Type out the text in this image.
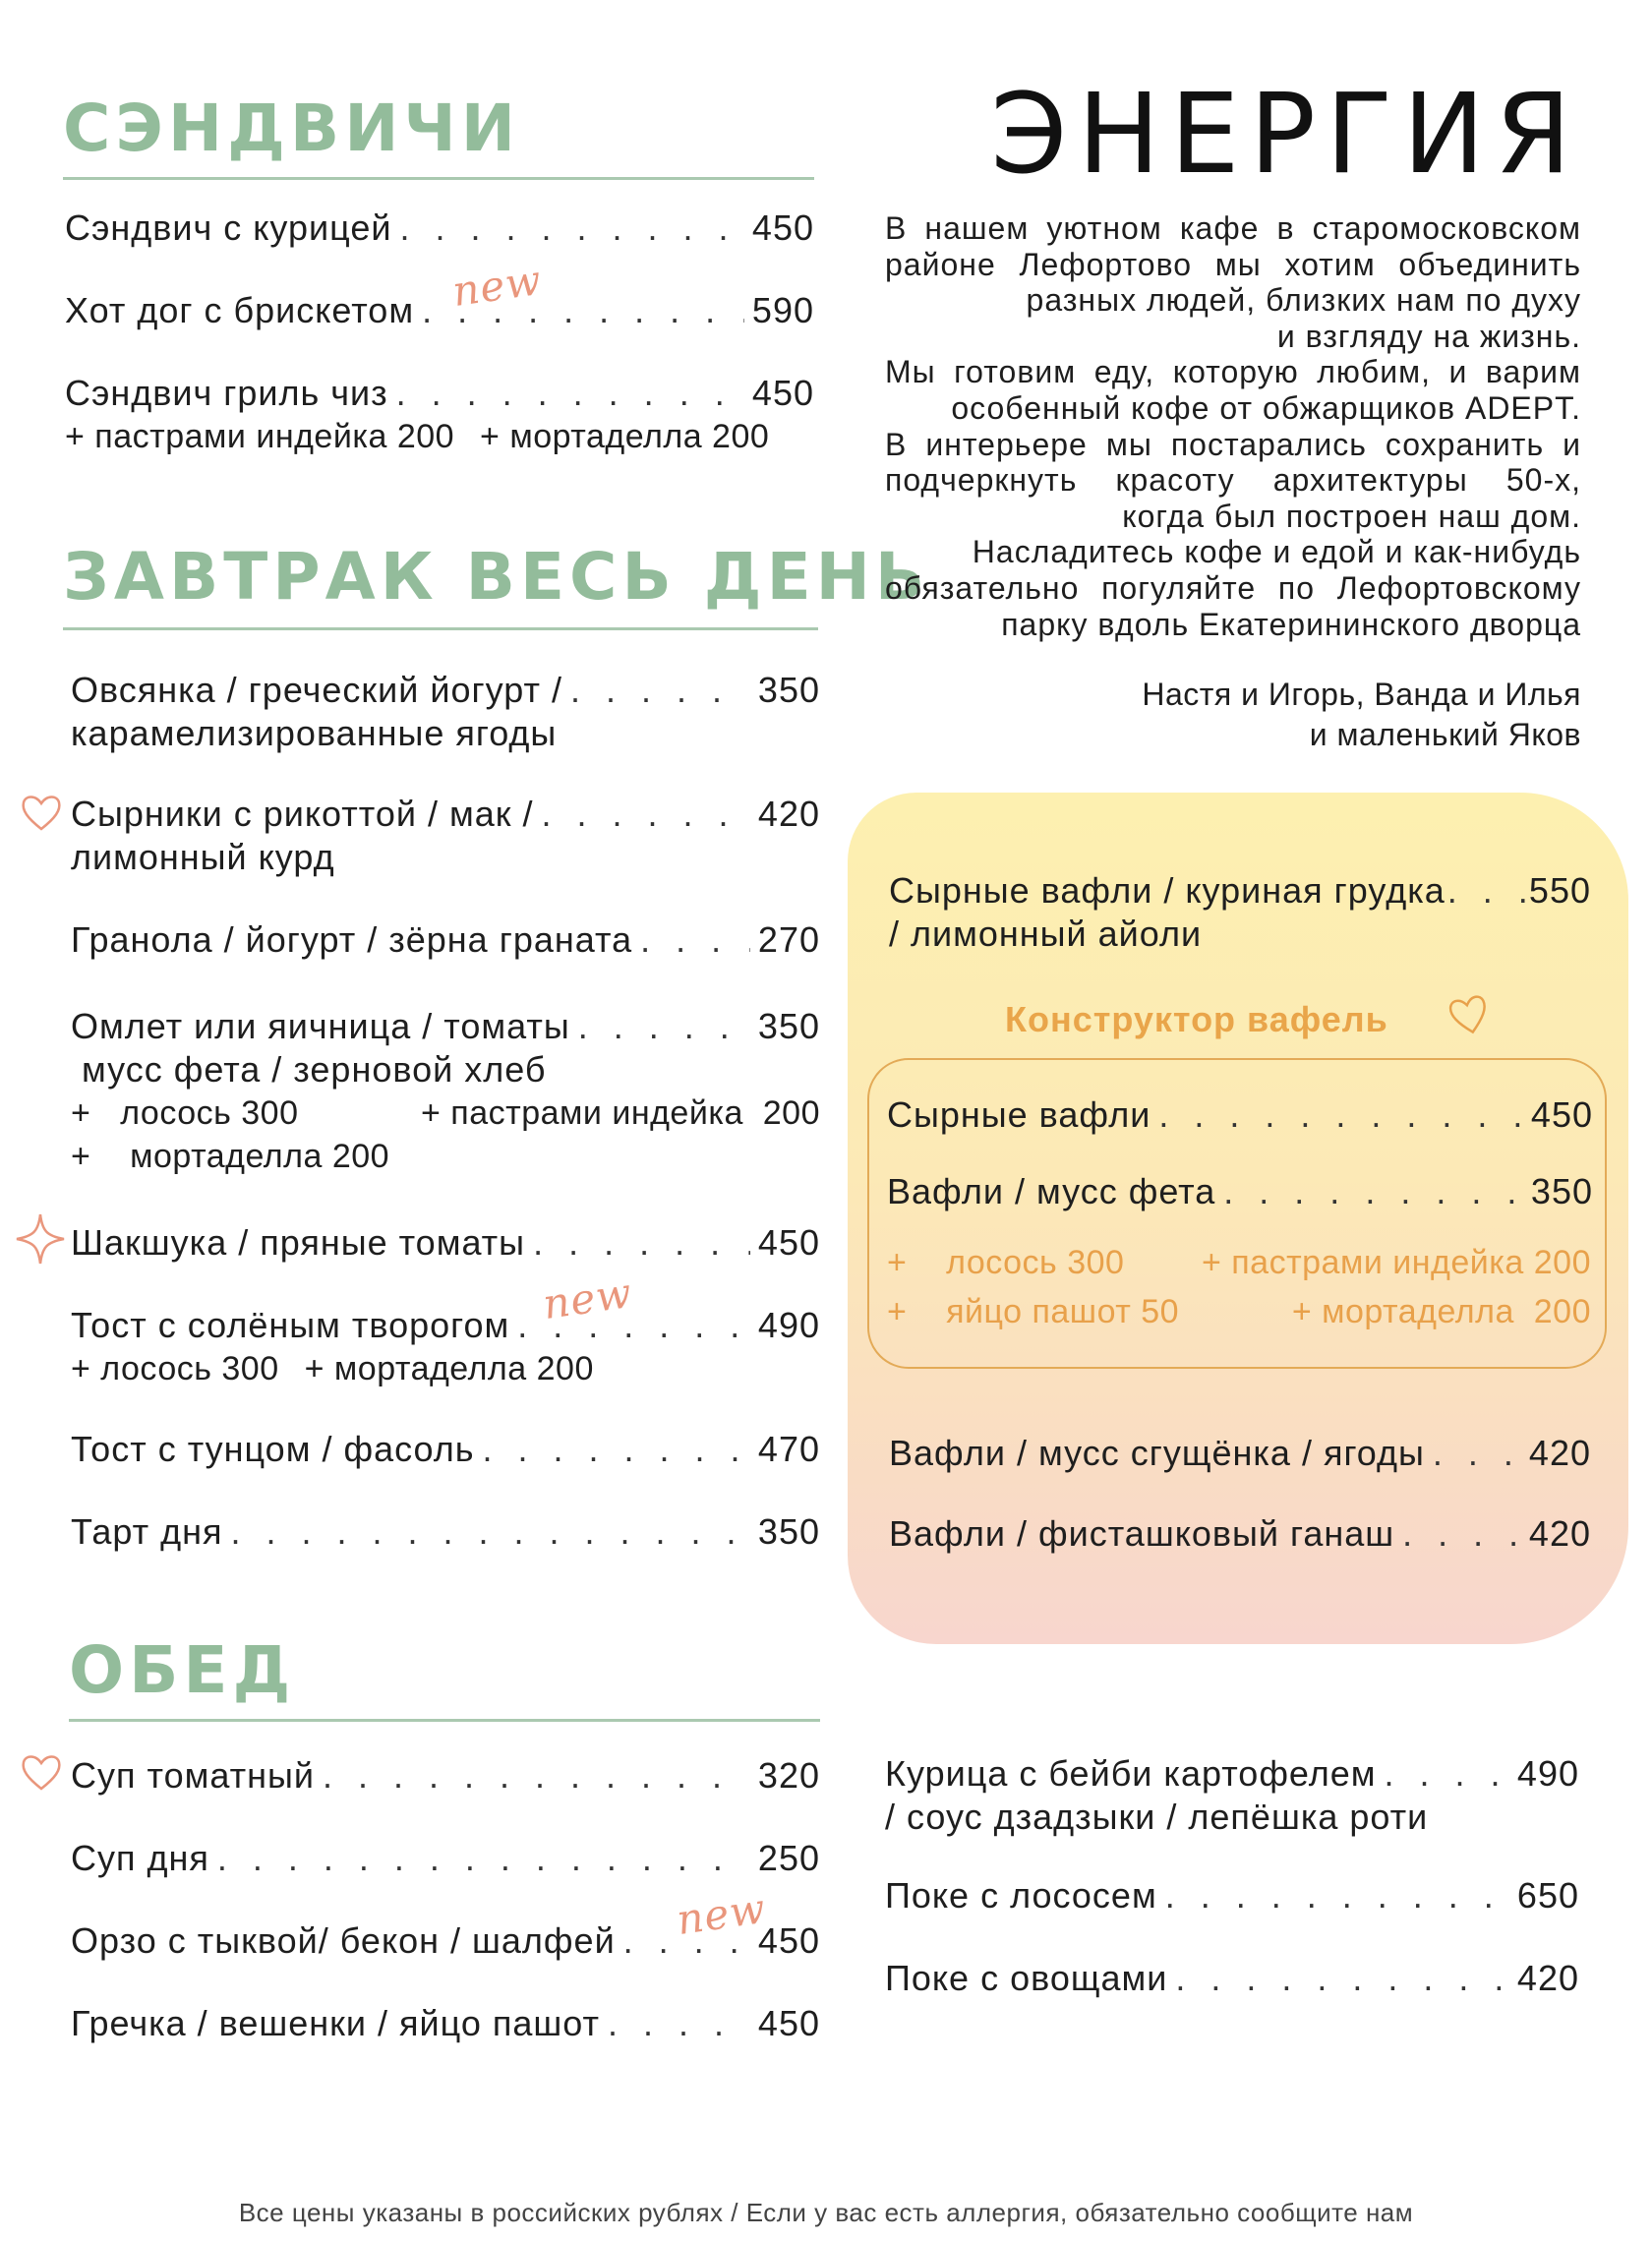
СЭНДВИЧИ
Сэндвич с курицей . . .	450
new
Хот дог с брискетом . . .	590
Сэндвич гриль чиз . . .	450
+ пастрами индейка 200 + мортаделла 200
ЗАВТРАК ВЕСЬ ДЕНЬ
Овсянка / греческий йогурт / . . .	350
карамелизированные ягоды
Сырники с рикоттой / мак / . . .	420
лимонный курд
Гранола / йогурт / зёрна граната . . .	270
Омлет или яичница / томаты . . .	350
мусс фета / зерновой хлеб
+   лосось 300	+ пастрами индейка  200
+    мортаделла 200
Шакшука / пряные томаты . . .	450
new
Тост с солёным творогом . . .	490
+ лосось 300 + мортаделла 200
Тост с тунцом / фасоль . . .	470
Тарт дня . . .	350
ОБЕД
Суп томатный . . .	320
Суп дня . . .	250
new
Орзо с тыквой/ бекон / шалфей . . .	450
Гречка / вешенки / яйцо пашот . . .	450
ЭНЕРГИЯ
В нашем уютном кафе в старомосковском
районе Лефортово мы хотим объединить
разных людей, близких нам по духу
и взгляду на жизнь.
Мы готовим еду, которую любим, и варим
особенный кофе от обжарщиков ADEPT.
В интерьере мы постарались сохранить и
подчеркнуть красоту архитектуры 50-х,
когда был построен наш дом.
Насладитесь кофе и едой и как-нибудь
обязательно погуляйте по Лефортовскому
парку вдоль Екатерининского дворца
Настя и Игорь, Ванда и Илья
и маленький Яков
Сырные вафли / куриная грудка . . . 550
/ лимонный айоли
Конструктор вафель
Сырные вафли . . .	450
Вафли / мусс фета . . .	350
+    лосось 300 + пастрами индейка 200
+    яйцо пашот 50	+ мортаделла  200
Вафли / мусс сгущёнка / ягоды . . .	420
Вафли / фисташковый ганаш . . .	420
Курица с бейби картофелем . . .	490
/ соус дзадзыки / лепёшка роти
Поке с лососем . . .	650
Поке с овощами . . .	420
Все цены указаны в российских рублях / Если у вас есть аллергия, обязательно сообщите нам
